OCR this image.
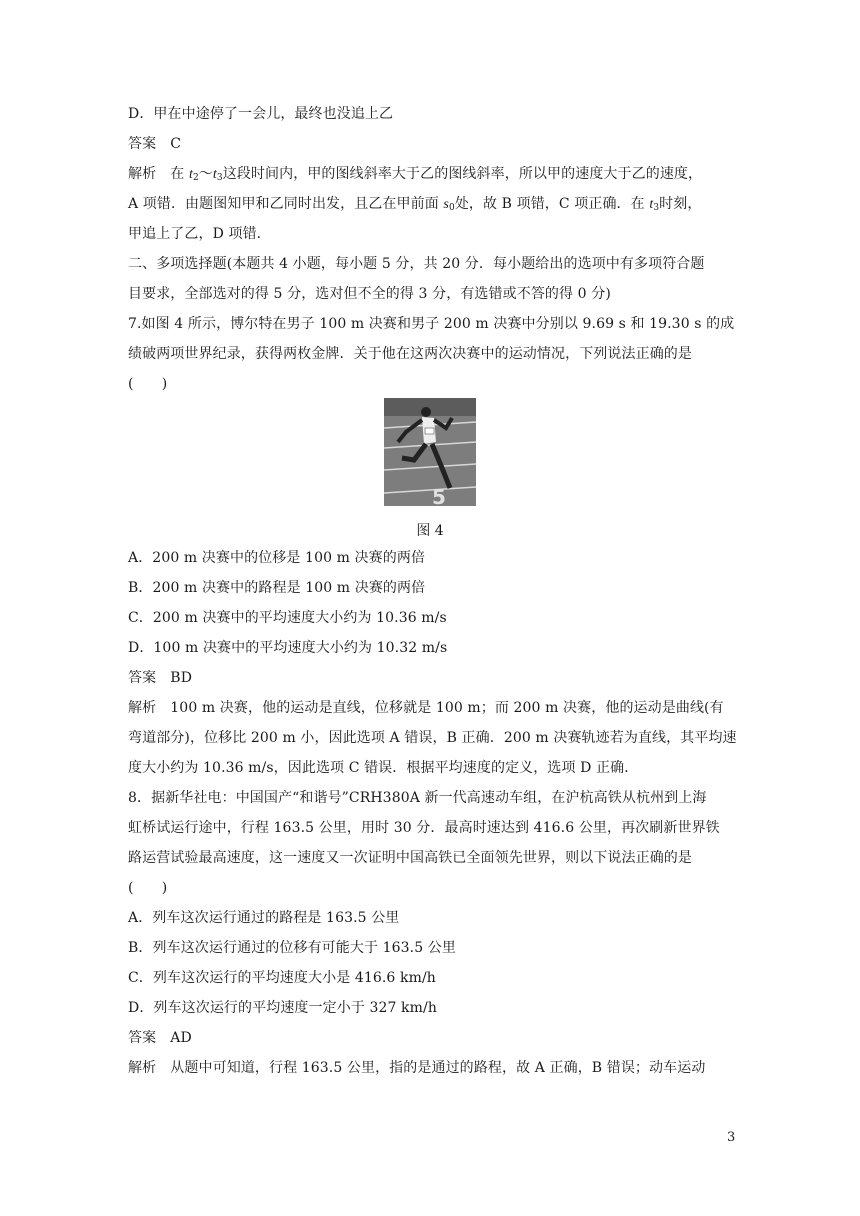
D．甲在中途停了一会儿，最终也没追上乙
答案　C
解析　在 $t_2\sim t_3$这段时间内，甲的图线斜率大于乙的图线斜率，所以甲的速度大于乙的速度，
A 项错．由题图知甲和乙同时出发，且乙在甲前面 $s_0$处，故 B 项错，C 项正确．在 $t_3$时刻，
甲追上了乙，D 项错．
二、多项选择题(本题共 4 小题，每小题 5 分，共 20 分．每小题给出的选项中有多项符合题
目要求，全部选对的得 5 分，选对但不全的得 3 分，有选错或不答的得 0 分)
7.如图 4 所示，博尔特在男子 100 m 决赛和男子 200 m 决赛中分别以 9.69 s 和 19.30 s 的成
绩破两项世界纪录，获得两枚金牌．关于他在这两次决赛中的运动情况，下列说法正确的是
(　　)
5
图 4
A．200 m 决赛中的位移是 100 m 决赛的两倍
B．200 m 决赛中的路程是 100 m 决赛的两倍
C．200 m 决赛中的平均速度大小约为 10.36 m/s
D．100 m 决赛中的平均速度大小约为 10.32 m/s
答案　BD
解析　100 m 决赛，他的运动是直线，位移就是 100 m；而 200 m 决赛，他的运动是曲线(有
弯道部分)，位移比 200 m 小，因此选项 A 错误，B 正确．200 m 决赛轨迹若为直线，其平均速
度大小约为 10.36 m/s，因此选项 C 错误．根据平均速度的定义，选项 D 正确．
8．据新华社电：中国国产“和谐号”CRH380A 新一代高速动车组，在沪杭高铁从杭州到上海
虹桥试运行途中，行程 163.5 公里，用时 30 分．最高时速达到 416.6 公里，再次刷新世界铁
路运营试验最高速度，这一速度又一次证明中国高铁已全面领先世界，则以下说法正确的是
(　　)
A．列车这次运行通过的路程是 163.5 公里
B．列车这次运行通过的位移有可能大于 163.5 公里
C．列车这次运行的平均速度大小是 416.6 km/h
D．列车这次运行的平均速度一定小于 327 km/h
答案　AD
解析　从题中可知道，行程 163.5 公里，指的是通过的路程，故 A 正确，B 错误；动车运动
3
